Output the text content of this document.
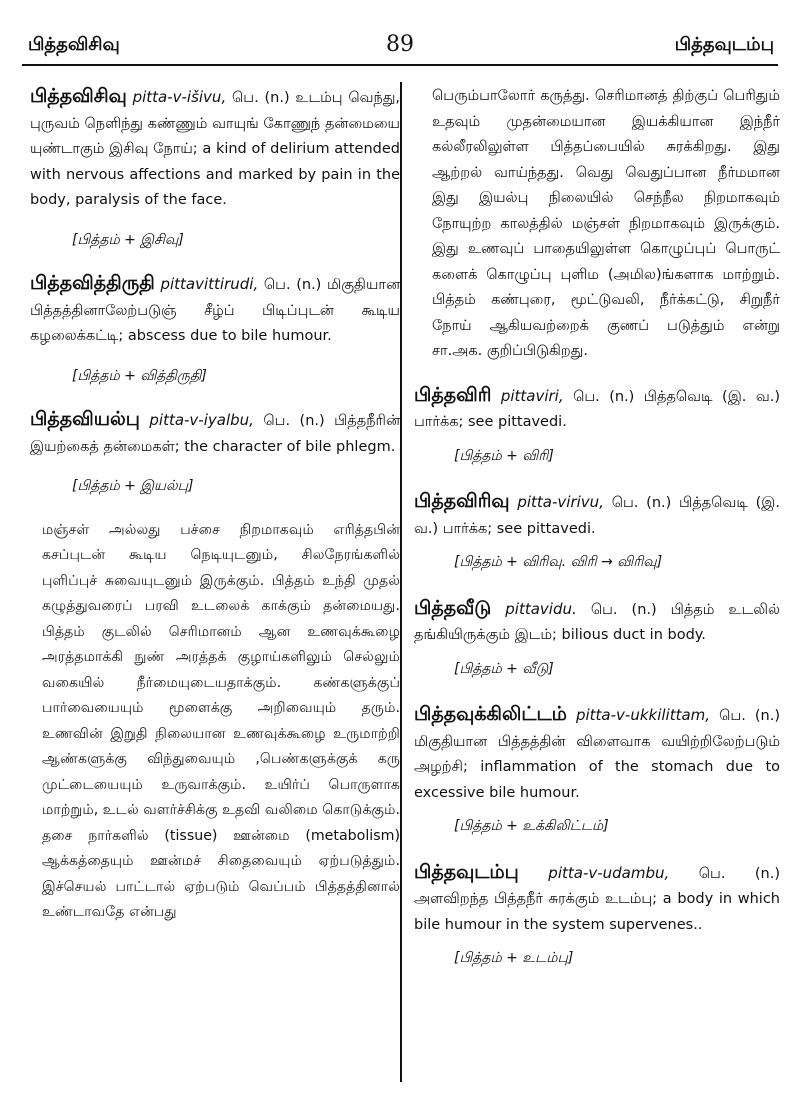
பித்தவிசிவு	89	பித்தவுடம்பு
பித்தவிசிவு pitta-v-išivu, பெ. (n.) உடம்பு வெந்து, புருவம் நெளிந்து கண்ணும் வாயுங் கோணுந் தன்மையை யுண்டாகும் இசிவு நோய்; a kind of delirium attended with nervous affections and marked by pain in the body, paralysis of the face.
[பித்தம் + இசிவு]
பித்தவித்திருதி pittavittirudi, பெ. (n.) மிகுதியான பித்தத்தினாலேற்படுஞ் சீழ்ப் பிடிப்புடன் கூடிய கழலைக்கட்டி; abscess due to bile humour.
[பித்தம் + வித்திருதி]
பித்தவியல்பு pitta-v-iyalbu, பெ. (n.) பித்தநீரின் இயற்கைத் தன்மைகள்; the character of bile phlegm.
[பித்தம் + இயல்பு]
மஞ்சள் அல்லது பச்சை நிறமாகவும் எரித்தபின் கசப்புடன் கூடிய நெடியுடனும், சிலநேரங்களில் புளிப்புச் சுவையுடனும் இருக்கும். பித்தம் உந்தி முதல் கழுத்துவரைப் பரவி உடலைக் காக்கும் தன்மையது. பித்தம் குடலில் செரிமானம் ஆன உணவுக்கூழை அரத்தமாக்கி நுண் அரத்தக் குழாய்களிலும் செல்லும் வகையில் நீர்மையுடையதாக்கும். கண்களுக்குப் பார்வையையும் மூளைக்கு அறிவையும் தரும். உணவின் இறுதி நிலையான உணவுக்கூழை உருமாற்றி ஆண்களுக்கு விந்துவையும் ,பெண்களுக்குக் கரு முட்டையையும் உருவாக்கும். உயிர்ப் பொருளாக மாற்றும், உடல் வளர்ச்சிக்கு உதவி வலிமை கொடுக்கும். தசை நார்களில் (tissue) ஊன்மை (metabolism) ஆக்கத்தையும் ஊன்மச் சிதைவையும் ஏற்படுத்தும். இச்செயல் பாட்டால் ஏற்படும் வெப்பம் பித்தத்தினால் உண்டாவதே என்பது
பெரும்பாலோர் கருத்து. செரிமானத் திற்குப் பெரிதும் உதவும் முதன்மையான இயக்கியான இந்நீர் கல்லீரலிலுள்ள பித்தப்பையில் சுரக்கிறது. இது ஆற்றல் வாய்ந்தது. வெது வெதுப்பான நீர்மமான இது இயல்பு நிலையில் செந்நீல நிறமாகவும் நோயுற்ற காலத்தில் மஞ்சள் நிறமாகவும் இருக்கும். இது உணவுப் பாதையிலுள்ள கொழுப்புப் பொருட் களைக் கொழுப்பு புளிம (அமில)ங்களாக மாற்றும். பித்தம் கண்புரை, மூட்டுவலி, நீர்க்கட்டு, சிறுநீர் நோய் ஆகியவற்றைக் குணப் படுத்தும் என்று சா.அக. குறிப்பிடுகிறது.
பித்தவிரி pittaviri, பெ. (n.) பித்தவெடி (இ. வ.) பார்க்க; see pittavedi.
[பித்தம் + விரி]
பித்தவிரிவு pitta-virivu, பெ. (n.) பித்தவெடி (இ. வ.) பார்க்க; see pittavedi.
[பித்தம் + விரிவு. விரி → விரிவு]
பித்தவீடு pittavidu. பெ. (n.) பித்தம் உடலில் தங்கியிருக்கும் இடம்; bilious duct in body.
[பித்தம் + வீடு]
பித்தவுக்கிலிட்டம் pitta-v-ukkilittam, பெ. (n.) மிகுதியான பித்தத்தின் விளைவாக வயிற்றிலேற்படும் அழற்சி; inflammation of the stomach due to excessive bile humour.
[பித்தம் + உக்கிலிட்டம்]
பித்தவுடம்பு pitta-v-udambu, பெ. (n.) அளவிறந்த பித்தநீர் சுரக்கும் உடம்பு; a body in which bile humour in the system supervenes..
[பித்தம் + உடம்பு]
